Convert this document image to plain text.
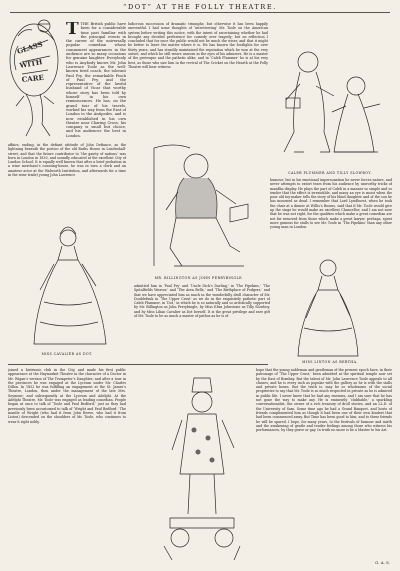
“DOT” AT THE FOLLY THEATRE.
GLASS
WITH
CARE
CALEB PLUMMER AND TILLY SLOWBOY.
TTHE British public have been for a considerable time past familiar with the principal events in the career of the universally popular comedian whose commonest appearances in the audience are so many occasions for genuine laughter. Everybody who is Anybody knows Mr. John Lawrence Toole as the well-known tired coach, the tolerant Paul Pry, the remarkable Pinch of Paul Pry, and the representative of the lawful husband of Vicar that worthy whose story has been told by himself in his own reminiscences. He has, on the grand tour of his travels, worked his way from the East of London to the Antipodes, and is now established in his own theatre near Charing Cross; his company is small but choice, and his audiences the best in London.
ludicrous succession of dramatic triumphs; but otherwise it has been happily uneventful. I had some thoughts of ‘interviewing’ Mr. Toole on the American system before writing this notice, with the intent of ascertaining whether he had brought any decided preference for comedy over tragedy; but on reflection I concluded that for once the public would not be much the wiser, and that it might be better to leave the matter where it is. He has known the footlights for over thirty years, and has steadily maintained the reputation which he won at the very outset, and which he still wears unworn in the eyes of his admirers. He is a master of the grotesque and the pathetic alike, and in ‘Caleb Plummer’ he is at his very best, as those who saw him in the revival of The Cricket on the Hearth at the Folly Theatre will bear witness.
affairs, ending, in the defiant attitude of John Defiance, as the lightning beneath the portico of the old Baths House in Leadenhall-street; and that the future contributor to ‘the gaiety of nations’ was born in London in 1830, and soundly educated at the excellent City of London School. It is equally well known that after a brief probation in a wine merchant’s counting-house, he was in turn a clerk and an amateur actor at the Walworth Institution, and afterwards for a time in the wine trade) young John Lawrence
MR. BILLINGTON AS JOHN PERRYBINGLE.
humour; but in his emotional impersonation he never forces nature, and never attempts to extort tears from his audience by unworthy tricks of maudlin display. He plays the part of Caleb in a manner so simple and so tender that the effect is irresistible, and many an eye is moist when the poor old toy-maker tells the story of his blind daughter and of the son he has mourned as dead. I remember that Lord Lyndhurst, when he took the chair at a dinner at Willis’s Rooms, said that if Mr. Toole would give up the stage he would make an excellent Chancellor; and I am not sure that he was not right, for the qualities which make a great comedian are not far removed from those which make a great lawyer. perhaps, spent more guineas for stalls to see Mr. Toole in ‘The Pipekins’ than any other young man in London.
MISS CAVALIER AS DOT.
MISS LINTON AS BERTHA.
admitted him in ‘Paul Pry’ and ‘Uncle Dick’s Darling,’ in ‘The Pipekins,’ ‘The Spitalfields Weaver,’ and ‘The Area Belle,’ and ‘The Birthplace of Podgers,’ and that we have appreciated him as much in the wonderfully droll character of Mr. Doublefunk in ‘The Upper Crust’ as we do in the exquisitely pathetic part of Caleb Plummer, in ‘Dot,’ in which he is so naturally and so artistically supported by Mr. Billington as John Perrybingle, by Miss Eliza Johnstone as Tilly Slowboy, and by Miss Lilian Cavalier as Dot herself. It is the great privilege and rare gift of Mr. Toole to be as much a master of pathos as he is of
joined a histrionic club in the City, and made his first public appearance at the Haymarket Theatre in the character of a Doctor in Mr. Wigan’s version of The Trumpeter’s Daughter; and after a tour in the provinces he was engaged at the Lyceum under Mr. Charles Dillon. In 1852 he was fulfilling an engagement at the St. James’s Theatre, London, then under the management of the late Mrs. Seymour; and subsequently at the Lyceum and Adelphi. At the Adelphi Theatre, Mr. Toole was engaged as leading comedian. People began at once to talk of ‘Toole and Paul Bedford,’ just as they had previously been accustomed to talk of ‘Wright and Paul Bedford.’ The mantle of Wright (who had it from John Reeve, who had it from Liston) descended on the shoulders of Mr. Toole, who continues to wear it right nobly.
hope that the young nobleman and gentleman of the present epoch have, in their patronage of ‘The Upper Crust,’ been admitted at the spiritual temple now set by the East of Bombay. But the talent of Mr. John Lawrence Toole appeals to all classes; and he is every inch as popular with the gallery as he is with the stalls and private boxes. But the truth is, may be so wholesome of the social proprieties to say that Mr. Toole is so much respected in private as he is admired in public life. I never knew that he had any enemies, and I am sure that he has not gone the way to make any. He is eminently ‘clubbable,’ a sparkling conversationalist, the owner of a rich treasury of droll stories, and an LL.D. of the University of Sam. Some time ago he had a Grand Banquet, and hosts of friends complimented him as though it had been one of their own kindest that had been commenced away. But Time has been good to him; and to these friends he will be spared, I hope, for many years, to the festivals of humour and mirth and the awakening of gentle and tender feelings among those who witness his performances, by they grave or gay. In truth no more is he a Master to his Art.
G. A. S.
